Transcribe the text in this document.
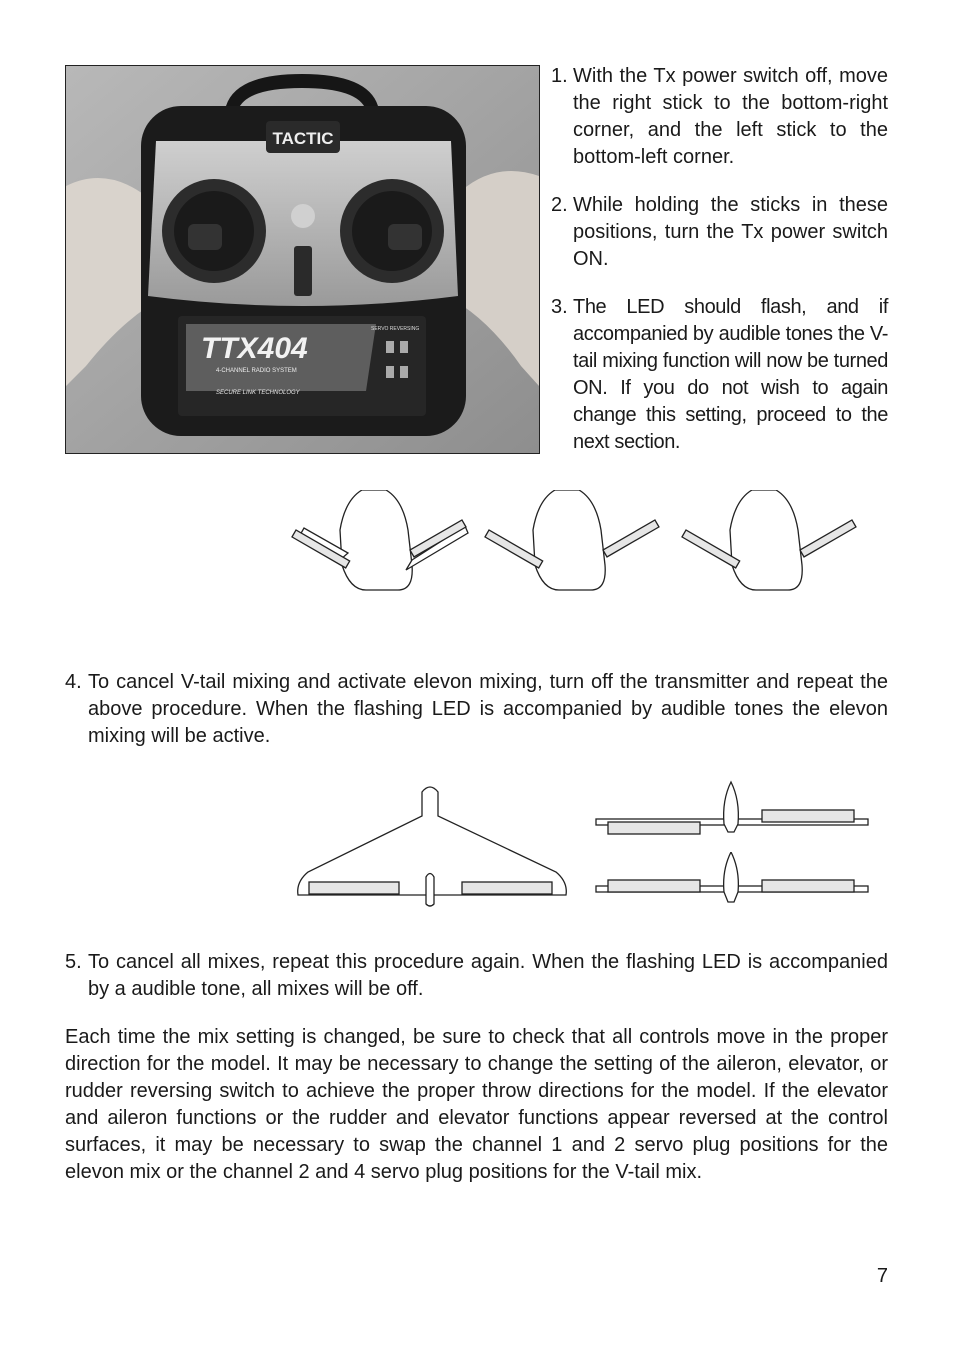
TACTIC
TTX404
4-CHANNEL RADIO SYSTEM
SECURE LINK TECHNOLOGY
SERVO REVERSING
1. With the Tx power switch off, move the right stick to the bottom-right corner, and the left stick to the bottom-left corner.
2. While holding the sticks in these positions, turn the Tx power switch ON.
3. The LED should flash, and if accompanied by audible tones the V-tail mixing function will now be turned ON. If you do not wish to again change this setting, proceed to the next section.
4. To cancel V-tail mixing and activate elevon mixing, turn off the transmitter and repeat the above procedure. When the flashing LED is accompanied by audible tones the elevon mixing will be active.
5. To cancel all mixes, repeat this procedure again. When the flashing LED is accompanied by a audible tone, all mixes will be off.
Each time the mix setting is changed, be sure to check that all controls move in the proper direction for the model. It may be necessary to change the setting of the aileron, elevator, or rudder reversing switch to achieve the proper throw directions for the model. If the elevator and aileron functions or the rudder and elevator functions appear reversed at the control surfaces, it may be necessary to swap the channel 1 and 2 servo plug positions for the elevon mix or the channel 2 and 4 servo plug positions for the V-tail mix.
7
